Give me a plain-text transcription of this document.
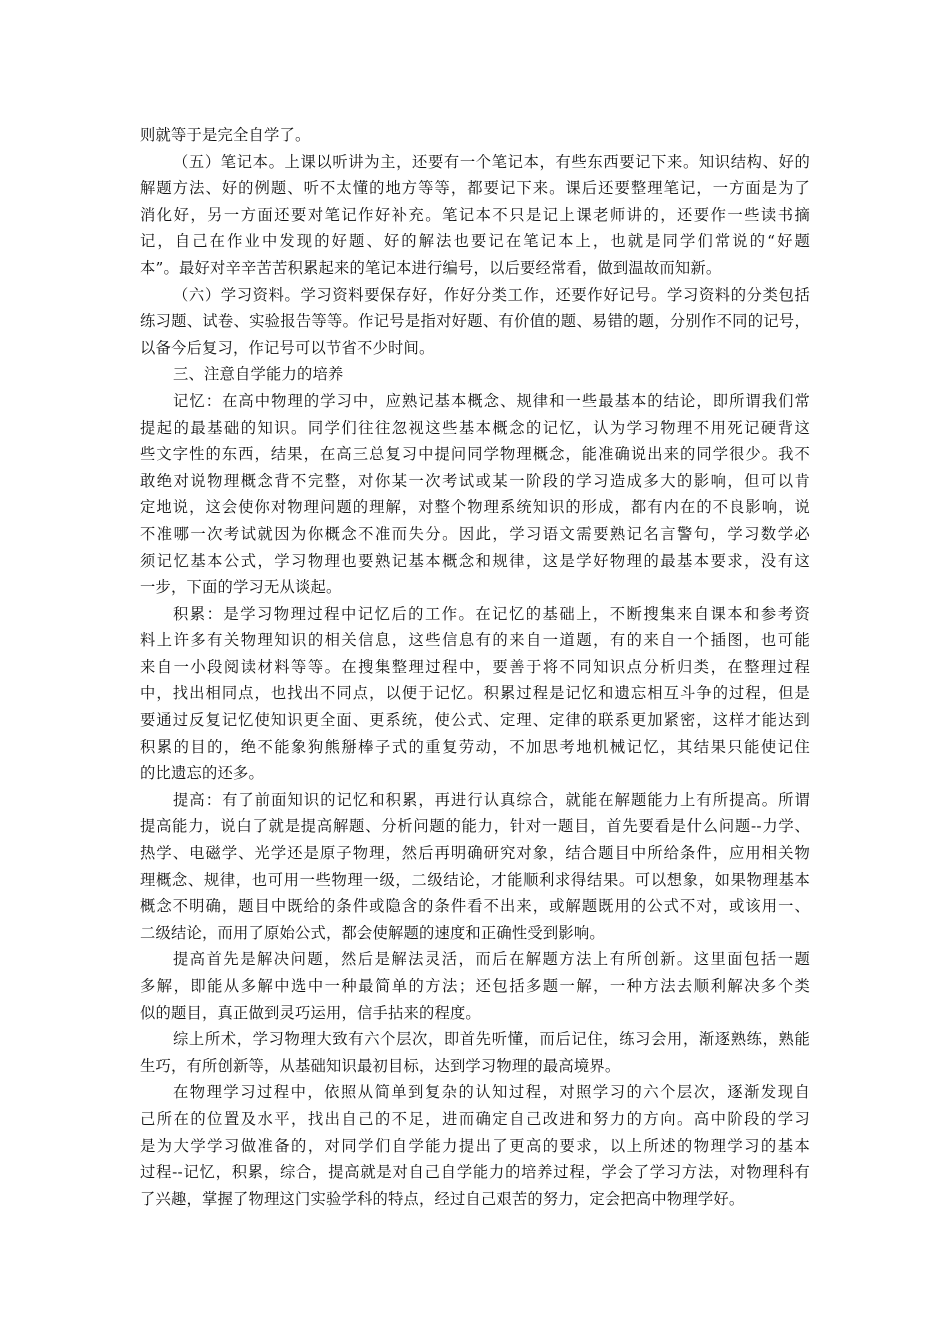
则就等于是完全自学了。
（五）笔记本。上课以听讲为主，还要有一个笔记本，有些东西要记下来。知识结构、好的
解题方法、好的例题、听不太懂的地方等等，都要记下来。课后还要整理笔记，一方面是为了
消化好，另一方面还要对笔记作好补充。笔记本不只是记上课老师讲的，还要作一些读书摘
记，自己在作业中发现的好题、好的解法也要记在笔记本上，也就是同学们常说的“好题
本”。最好对辛辛苦苦积累起来的笔记本进行编号，以后要经常看，做到温故而知新。
（六）学习资料。学习资料要保存好，作好分类工作，还要作好记号。学习资料的分类包括
练习题、试卷、实验报告等等。作记号是指对好题、有价值的题、易错的题，分别作不同的记号，
以备今后复习，作记号可以节省不少时间。
三、注意自学能力的培养
记忆：在高中物理的学习中，应熟记基本概念、规律和一些最基本的结论，即所谓我们常
提起的最基础的知识。同学们往往忽视这些基本概念的记忆，认为学习物理不用死记硬背这
些文字性的东西，结果，在高三总复习中提问同学物理概念，能准确说出来的同学很少。我不
敢绝对说物理概念背不完整，对你某一次考试或某一阶段的学习造成多大的影响，但可以肯
定地说，这会使你对物理问题的理解，对整个物理系统知识的形成，都有内在的不良影响，说
不准哪一次考试就因为你概念不准而失分。因此，学习语文需要熟记名言警句，学习数学必
须记忆基本公式，学习物理也要熟记基本概念和规律，这是学好物理的最基本要求，没有这
一步，下面的学习无从谈起。
积累：是学习物理过程中记忆后的工作。在记忆的基础上，不断搜集来自课本和参考资
料上许多有关物理知识的相关信息，这些信息有的来自一道题，有的来自一个插图，也可能
来自一小段阅读材料等等。在搜集整理过程中，要善于将不同知识点分析归类，在整理过程
中，找出相同点，也找出不同点，以便于记忆。积累过程是记忆和遗忘相互斗争的过程，但是
要通过反复记忆使知识更全面、更系统，使公式、定理、定律的联系更加紧密，这样才能达到
积累的目的，绝不能象狗熊掰棒子式的重复劳动，不加思考地机械记忆，其结果只能使记住
的比遗忘的还多。
提高：有了前面知识的记忆和积累，再进行认真综合，就能在解题能力上有所提高。所谓
提高能力，说白了就是提高解题、分析问题的能力，针对一题目，首先要看是什么问题--力学、
热学、电磁学、光学还是原子物理，然后再明确研究对象，结合题目中所给条件，应用相关物
理概念、规律，也可用一些物理一级，二级结论，才能顺利求得结果。可以想象，如果物理基本
概念不明确，题目中既给的条件或隐含的条件看不出来，或解题既用的公式不对，或该用一、
二级结论，而用了原始公式，都会使解题的速度和正确性受到影响。
提高首先是解决问题，然后是解法灵活，而后在解题方法上有所创新。这里面包括一题
多解，即能从多解中选中一种最简单的方法；还包括多题一解，一种方法去顺利解决多个类
似的题目，真正做到灵巧运用，信手拈来的程度。
综上所术，学习物理大致有六个层次，即首先听懂，而后记住，练习会用，渐逐熟练，熟能
生巧，有所创新等，从基础知识最初目标，达到学习物理的最高境界。
在物理学习过程中，依照从简单到复杂的认知过程，对照学习的六个层次，逐渐发现自
己所在的位置及水平，找出自己的不足，进而确定自己改进和努力的方向。高中阶段的学习
是为大学学习做准备的，对同学们自学能力提出了更高的要求，以上所述的物理学习的基本
过程--记忆，积累，综合，提高就是对自己自学能力的培养过程，学会了学习方法，对物理科有
了兴趣，掌握了物理这门实验学科的特点，经过自己艰苦的努力，定会把高中物理学好。
